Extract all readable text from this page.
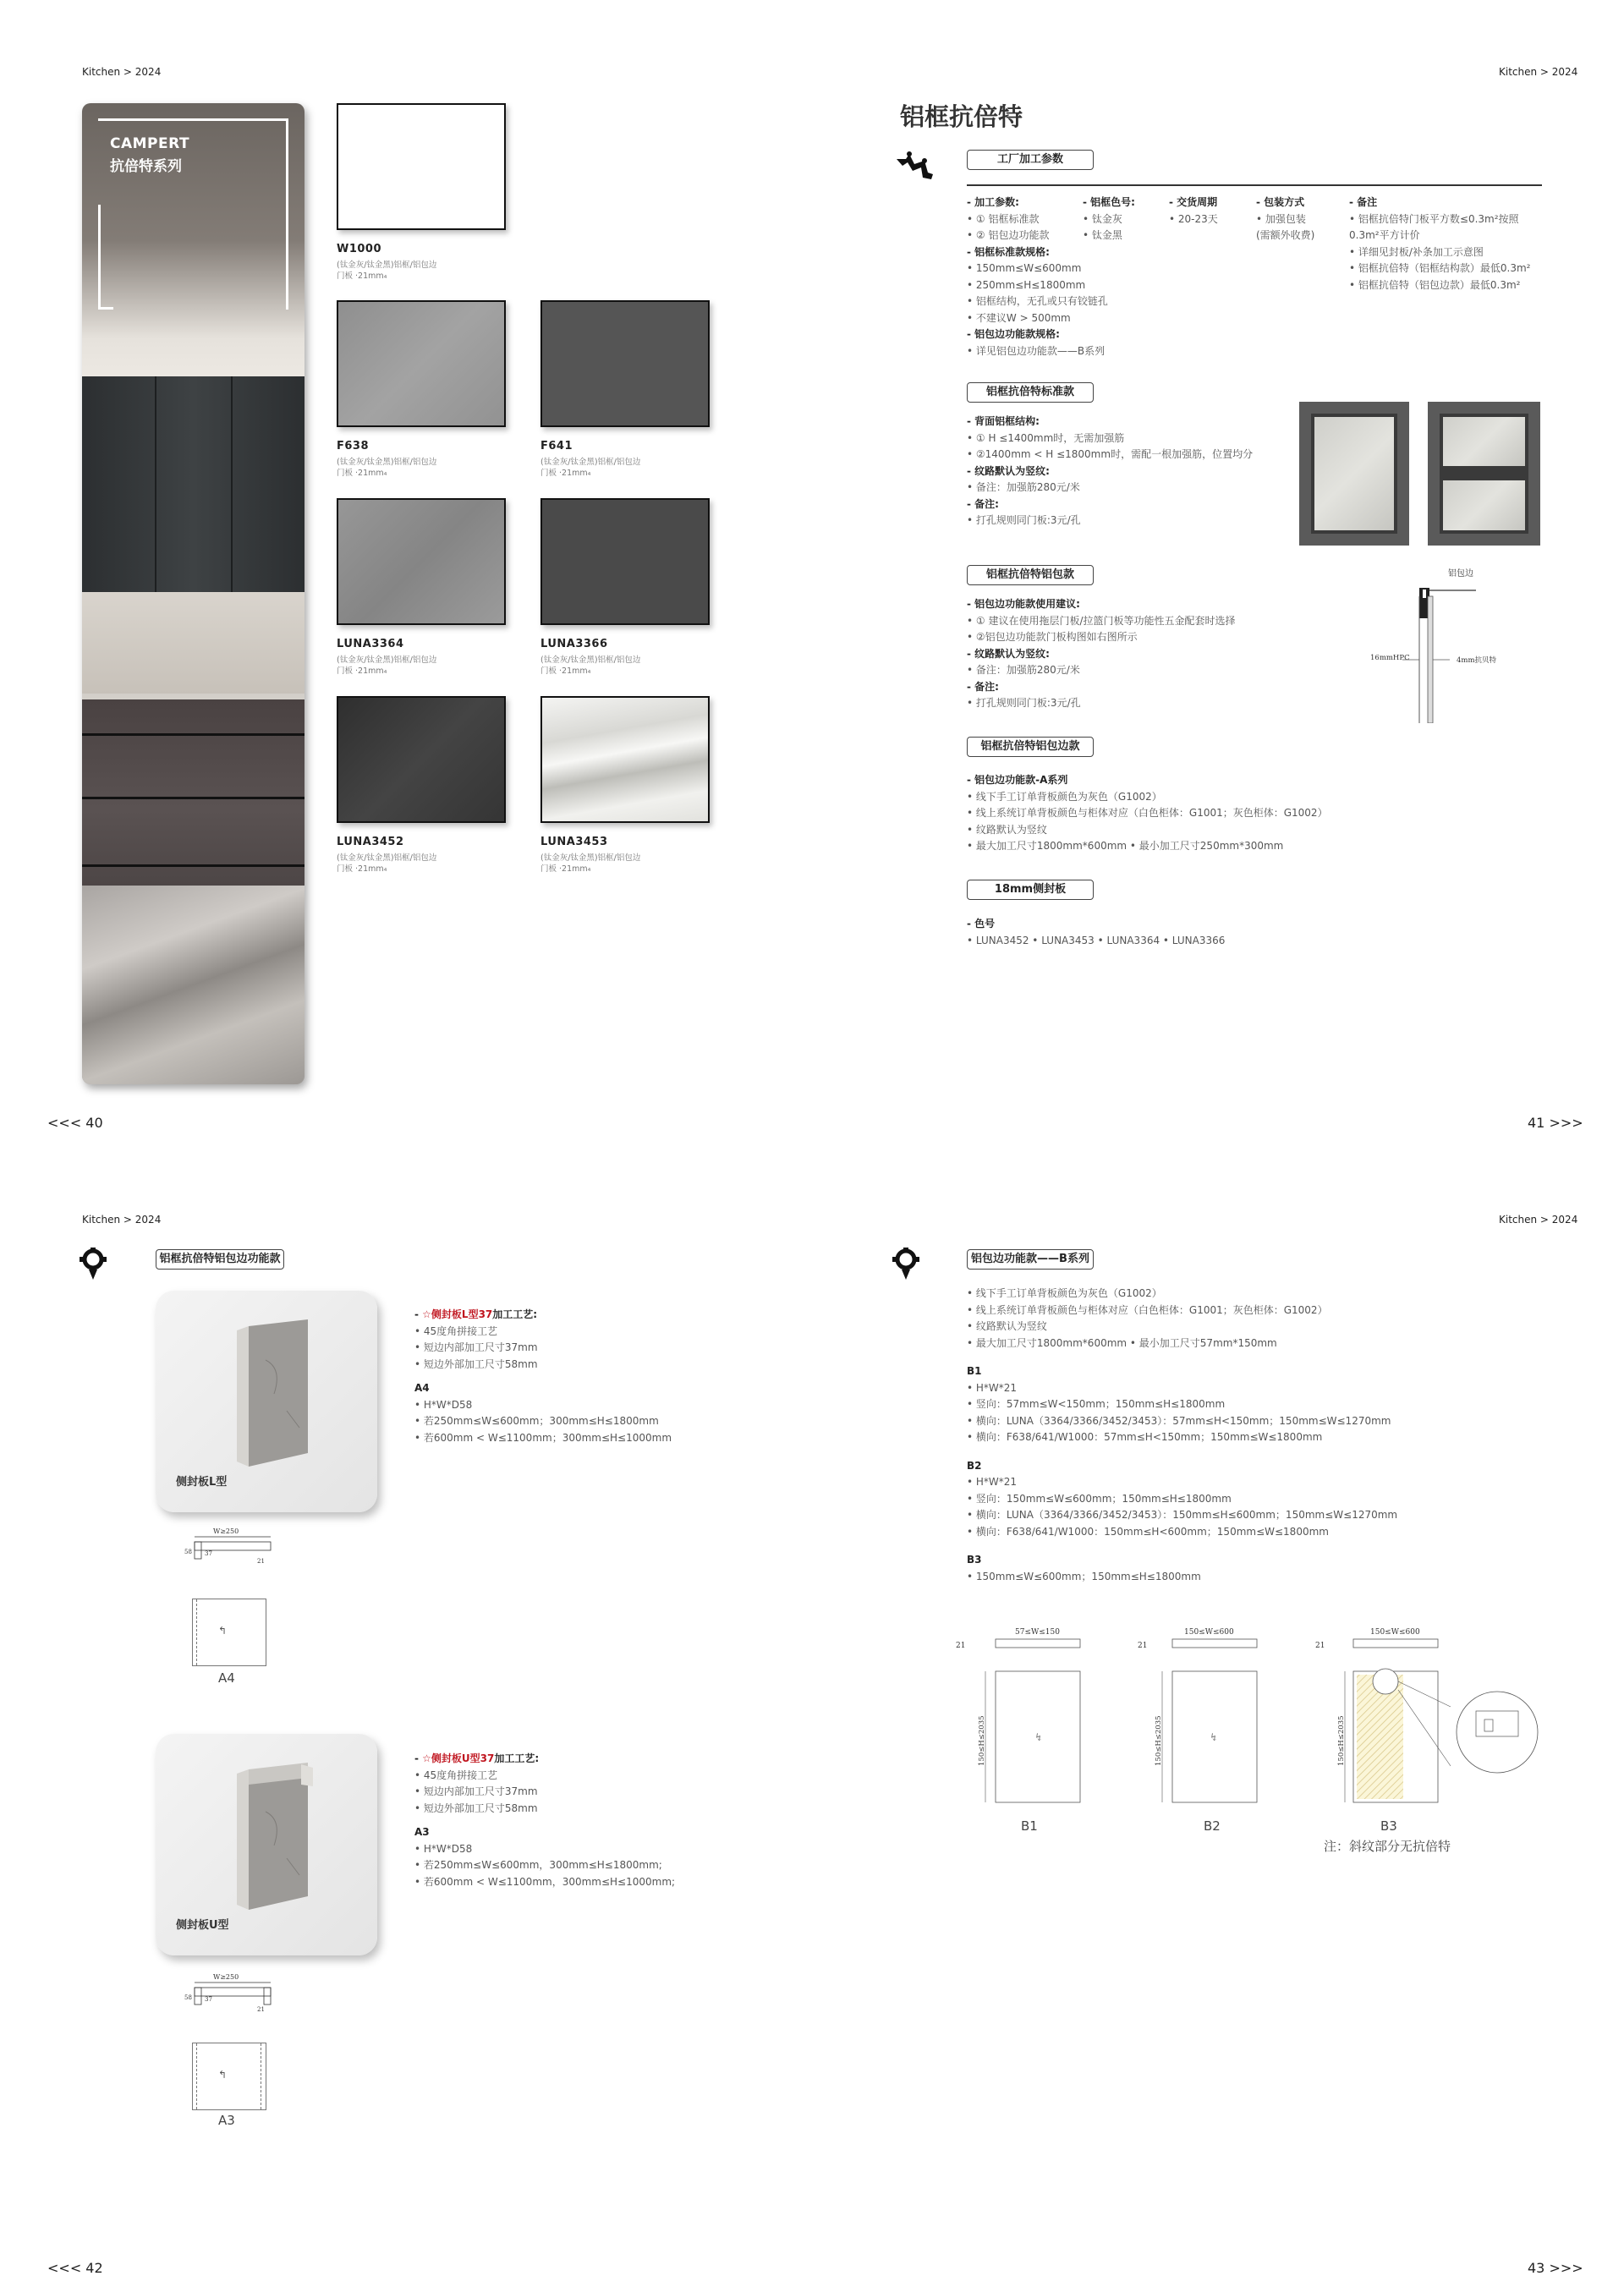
Kitchen > 2024
CAMPERT
抗倍特系列
W1000
(钛金灰/钛金黑)铝框/铝包边
门板 ·21mm₄
F638
(钛金灰/钛金黑)铝框/铝包边
门板 ·21mm₄
F641
(钛金灰/钛金黑)铝框/铝包边
门板 ·21mm₄
LUNA3364
(钛金灰/钛金黑)铝框/铝包边
门板 ·21mm₄
LUNA3366
(钛金灰/钛金黑)铝框/铝包边
门板 ·21mm₄
LUNA3452
(钛金灰/钛金黑)铝框/铝包边
门板 ·21mm₄
LUNA3453
(钛金灰/钛金黑)铝框/铝包边
门板 ·21mm₄
<<< 40
Kitchen > 2024
铝框抗倍特
工厂加工参数
- 加工参数:
• ① 铝框标准款
• ② 铝包边功能款
- 铝框标准款规格:
• 150mm≤W≤600mm
• 250mm≤H≤1800mm
• 铝框结构，无孔或只有铰链孔
• 不建议W > 500mm
- 铝包边功能款规格:
• 详见铝包边功能款——B系列
- 铝框色号:
• 钛金灰
• 钛金黑
- 交货周期
• 20-23天
- 包装方式
• 加强包装
(需额外收费)
- 备注
• 铝框抗倍特门板平方数≤0.3m²按照
0.3m²平方计价
• 详细见封板/补条加工示意图
• 铝框抗倍特（铝框结构款）最低0.3m²
• 铝框抗倍特（铝包边款）最低0.3m²
铝框抗倍特标准款
- 背面铝框结构:
• ① H ≤1400mm时，无需加强筋
• ②1400mm < H ≤1800mm时，需配一根加强筋，位置均分
- 纹路默认为竖纹:
• 备注：加强筋280元/米
- 备注:
• 打孔规则同门板:3元/孔
铝框抗倍特铝包款
- 铝包边功能款使用建议:
• ① 建议在使用拖层门板/拉篮门板等功能性五金配套时选择
• ②铝包边功能款门板构图如右图所示
- 纹路默认为竖纹:
• 备注：加强筋280元/米
- 备注:
• 打孔规则同门板:3元/孔
铝包边
16mmHPC	4mm抗贝特
铝框抗倍特铝包边款
- 铝包边功能款-A系列
• 线下手工订单背板颜色为灰色（G1002）
• 线上系统订单背板颜色与柜体对应（白色柜体：G1001；灰色柜体：G1002）
• 纹路默认为竖纹
• 最大加工尺寸1800mm*600mm • 最小加工尺寸250mm*300mm
18mm侧封板
- 色号
• LUNA3452 • LUNA3453 • LUNA3364 • LUNA3366
41 >>>
Kitchen > 2024
铝框抗倍特铝包边功能款
侧封板L型
- ☆侧封板L型37加工工艺:
• 45度角拼接工艺
• 短边内部加工尺寸37mm
• 短边外部加工尺寸58mm
A4
• H*W*D58
• 若250mm≤W≤600mm；300mm≤H≤1800mm
• 若600mm < W≤1100mm；300mm≤H≤1000mm
W≥250
58 37
21
↰
A4
侧封板U型
- ☆侧封板U型37加工工艺:
• 45度角拼接工艺
• 短边内部加工尺寸37mm
• 短边外部加工尺寸58mm
A3
• H*W*D58
• 若250mm≤W≤600mm，300mm≤H≤1800mm;
• 若600mm < W≤1100mm，300mm≤H≤1000mm;
W≥250
58 37
21
↰
A3
<<< 42
Kitchen > 2024
铝包边功能款——B系列
• 线下手工订单背板颜色为灰色（G1002）
• 线上系统订单背板颜色与柜体对应（白色柜体：G1001；灰色柜体：G1002）
• 纹路默认为竖纹
• 最大加工尺寸1800mm*600mm • 最小加工尺寸57mm*150mm
B1
• H*W*21
• 竖向：57mm≤W<150mm；150mm≤H≤1800mm
• 横向：LUNA（3364/3366/3452/3453）：57mm≤H<150mm；150mm≤W≤1270mm
• 横向：F638/641/W1000：57mm≤H<150mm；150mm≤W≤1800mm
B2
• H*W*21
• 竖向：150mm≤W≤600mm；150mm≤H≤1800mm
• 横向：LUNA（3364/3366/3452/3453）：150mm≤H≤600mm；150mm≤W≤1270mm
• 横向：F638/641/W1000：150mm≤H<600mm；150mm≤W≤1800mm
B3
• 150mm≤W≤600mm；150mm≤H≤1800mm
57≤W≤150
21
↯
150≤H≤2035
B1
150≤W≤600
21
↯
150≤H≤2035
B2
150≤W≤600
21
150≤H≤2035
B3
注：斜纹部分无抗倍特
43 >>>
